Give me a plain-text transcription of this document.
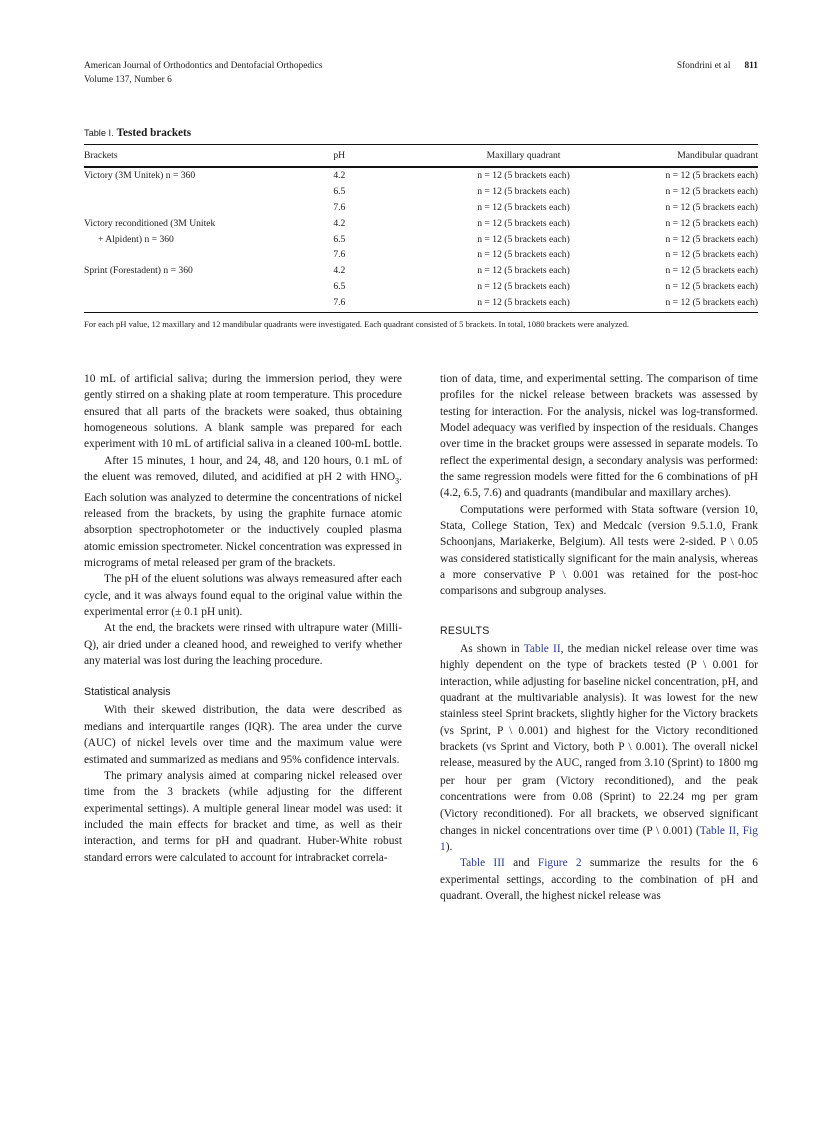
American Journal of Orthodontics and Dentofacial Orthopedics	Sfondrini et al 811
Volume 137, Number 6
Table I. Tested brackets
Brackets	pH	Maxillary quadrant	Mandibular quadrant
Victory (3M Unitek) n = 360	4.2	n = 12 (5 brackets each)	n = 12 (5 brackets each)
	6.5	n = 12 (5 brackets each)	n = 12 (5 brackets each)
	7.6	n = 12 (5 brackets each)	n = 12 (5 brackets each)
Victory reconditioned (3M Unitek	4.2	n = 12 (5 brackets each)	n = 12 (5 brackets each)
+ Alpident) n = 360	6.5	n = 12 (5 brackets each)	n = 12 (5 brackets each)
	7.6	n = 12 (5 brackets each)	n = 12 (5 brackets each)
Sprint (Forestadent) n = 360	4.2	n = 12 (5 brackets each)	n = 12 (5 brackets each)
	6.5	n = 12 (5 brackets each)	n = 12 (5 brackets each)
	7.6	n = 12 (5 brackets each)	n = 12 (5 brackets each)
For each pH value, 12 maxillary and 12 mandibular quadrants were investigated. Each quadrant consisted of 5 brackets. In total, 1080 brackets were analyzed.

10 mL of artificial saliva; during the immersion period, they were gently stirred on a shaking plate at room temperature. This procedure ensured that all parts of the brackets were soaked, thus obtaining homogeneous solutions. A blank sample was prepared for each experiment with 10 mL of artificial saliva in a cleaned 100-mL bottle.

After 15 minutes, 1 hour, and 24, 48, and 120 hours, 0.1 mL of the eluent was removed, diluted, and acidified at pH 2 with $HNO_3$. Each solution was analyzed to determine the concentrations of nickel released from the brackets, by using the graphite furnace atomic absorption spectrophotometer or the inductively coupled plasma atomic emission spectrometer. Nickel concentration was expressed in micrograms of metal released per gram of the brackets.

The pH of the eluent solutions was always remeasured after each cycle, and it was always found equal to the original value within the experimental error (± 0.1 pH unit).

At the end, the brackets were rinsed with ultrapure water (Milli-Q), air dried under a cleaned hood, and reweighed to verify whether any material was lost during the leaching procedure.

Statistical analysis

With their skewed distribution, the data were described as medians and interquartile ranges (IQR). The area under the curve (AUC) of nickel levels over time and the maximum value were estimated and summarized as medians and 95% confidence intervals.

The primary analysis aimed at comparing nickel released over time from the 3 brackets (while adjusting for the different experimental settings). A multiple general linear model was used: it included the main effects for bracket and time, as well as their interaction, and terms for pH and quadrant. Huber-White robust standard errors were calculated to account for intrabracket correla-

tion of data, time, and experimental setting. The comparison of time profiles for the nickel release between brackets was assessed by testing for interaction. For the analysis, nickel was log-transformed. Model adequacy was verified by inspection of the residuals. Changes over time in the bracket groups were assessed in separate models. To reflect the experimental design, a secondary analysis was performed: the same regression models were fitted for the 6 combinations of pH (4.2, 6.5, 7.6) and quadrants (mandibular and maxillary arches).

Computations were performed with Stata software (version 10, Stata, College Station, Tex) and Medcalc (version 9.5.1.0, Frank Schoonjans, Mariakerke, Belgium). All tests were 2-sided. P \ 0.05 was considered statistically significant for the main analysis, whereas a more conservative P \ 0.001 was retained for the post-hoc comparisons and subgroup analyses.

RESULTS

As shown in Table II, the median nickel release over time was highly dependent on the type of brackets tested (P \ 0.001 for interaction, while adjusting for baseline nickel concentration, pH, and quadrant at the multivariable analysis). It was lowest for the new stainless steel Sprint brackets, slightly higher for the Victory brackets (vs Sprint, P \ 0.001) and highest for the Victory reconditioned brackets (vs Sprint and Victory, both P \ 0.001). The overall nickel release, measured by the AUC, ranged from 3.10 (Sprint) to 1800 mg per hour per gram (Victory reconditioned), and the peak concentrations were from 0.08 (Sprint) to 22.24 mg per gram (Victory reconditioned). For all brackets, we observed significant changes in nickel concentrations over time (P \ 0.001) (Table II, Fig 1).

Table III and Figure 2 summarize the results for the 6 experimental settings, according to the combination of pH and quadrant. Overall, the highest nickel release was
